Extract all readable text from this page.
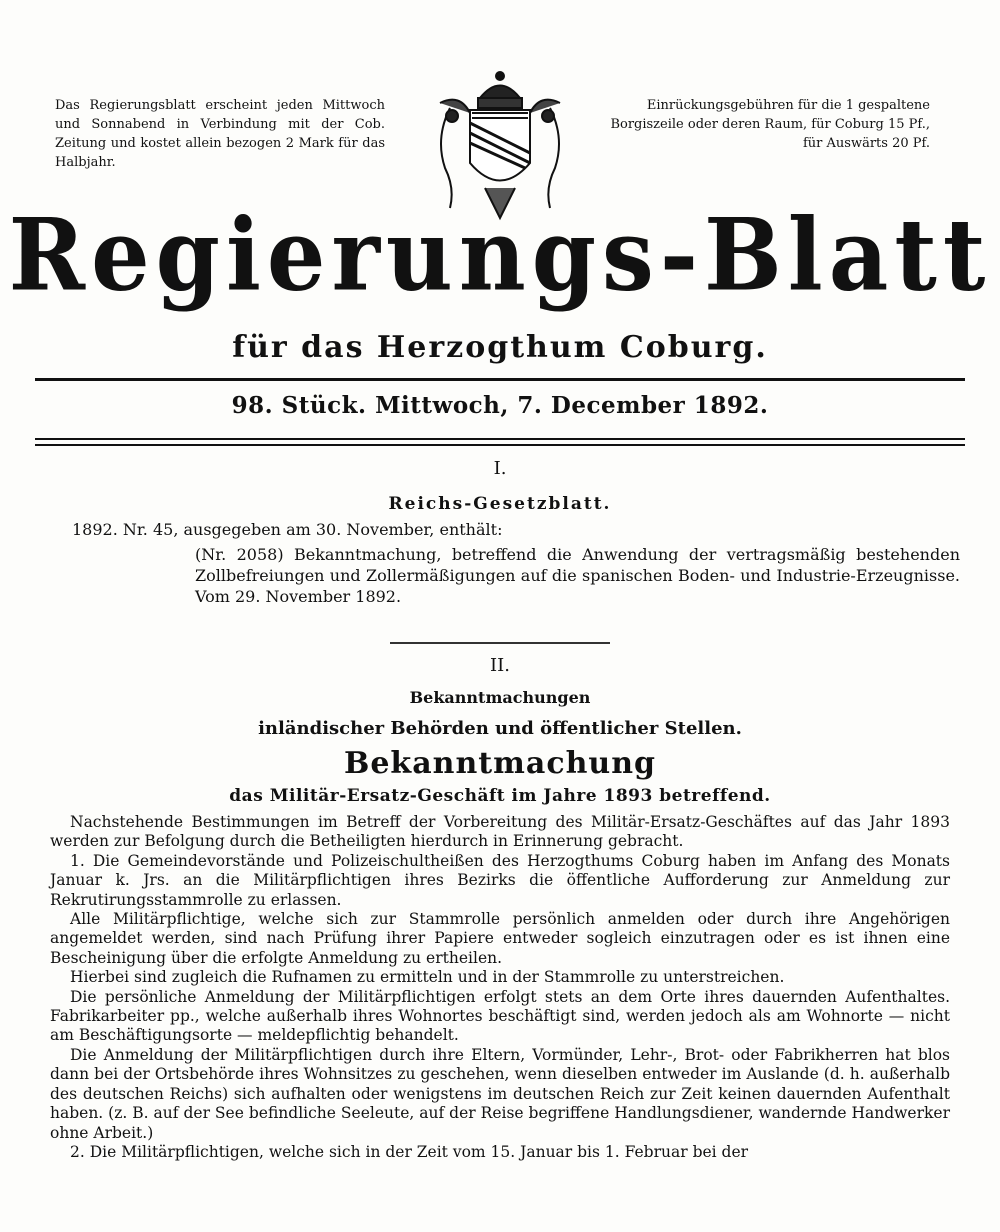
Das Regierungsblatt erscheint jeden Mittwoch und Sonnabend in Verbindung mit der Cob. Zeitung und kostet allein bezogen 2 Mark für das Halbjahr.
Einrückungsgebühren für die 1 gespaltene Borgiszeile oder deren Raum, für Coburg 15 Pf., für Auswärts 20 Pf.
Regierungs-Blatt
für das Herzogthum Coburg.
98. Stück. Mittwoch, 7. December 1892.
I.
Reichs-Gesetzblatt.
1892. Nr. 45, ausgegeben am 30. November, enthält:
(Nr. 2058) Bekanntmachung, betreffend die Anwendung der vertragsmäßig bestehenden Zollbefreiungen und Zollermäßigungen auf die spanischen Boden- und Industrie-Erzeugnisse. Vom 29. November 1892.
II.
Bekanntmachungen
inländischer Behörden und öffentlicher Stellen.
Bekanntmachung
das Militär-Ersatz-Geschäft im Jahre 1893 betreffend.

Nachstehende Bestimmungen im Betreff der Vorbereitung des Militär-Ersatz-Geschäftes auf das Jahr 1893 werden zur Befolgung durch die Betheiligten hierdurch in Erinnerung gebracht.

1. Die Gemeindevorstände und Polizeischultheißen des Herzogthums Coburg haben im Anfang des Monats Januar k. Jrs. an die Militärpflichtigen ihres Bezirks die öffentliche Aufforderung zur Anmeldung zur Rekrutirungsstammrolle zu erlassen.

Alle Militärpflichtige, welche sich zur Stammrolle persönlich anmelden oder durch ihre Angehörigen angemeldet werden, sind nach Prüfung ihrer Papiere entweder sogleich einzutragen oder es ist ihnen eine Bescheinigung über die erfolgte Anmeldung zu ertheilen.

Hierbei sind zugleich die Rufnamen zu ermitteln und in der Stammrolle zu unterstreichen.

Die persönliche Anmeldung der Militärpflichtigen erfolgt stets an dem Orte ihres dauernden Aufenthaltes. Fabrikarbeiter pp., welche außerhalb ihres Wohnortes beschäftigt sind, werden jedoch als am Wohnorte — nicht am Beschäftigungsorte — meldepflichtig behandelt.

Die Anmeldung der Militärpflichtigen durch ihre Eltern, Vormünder, Lehr-, Brot- oder Fabrikherren hat blos dann bei der Ortsbehörde ihres Wohnsitzes zu geschehen, wenn dieselben entweder im Auslande (d. h. außerhalb des deutschen Reichs) sich aufhalten oder wenigstens im deutschen Reich zur Zeit keinen dauernden Aufenthalt haben. (z. B. auf der See befindliche Seeleute, auf der Reise begriffene Handlungsdiener, wandernde Handwerker ohne Arbeit.)

2. Die Militärpflichtigen, welche sich in der Zeit vom 15. Januar bis 1. Februar bei der
